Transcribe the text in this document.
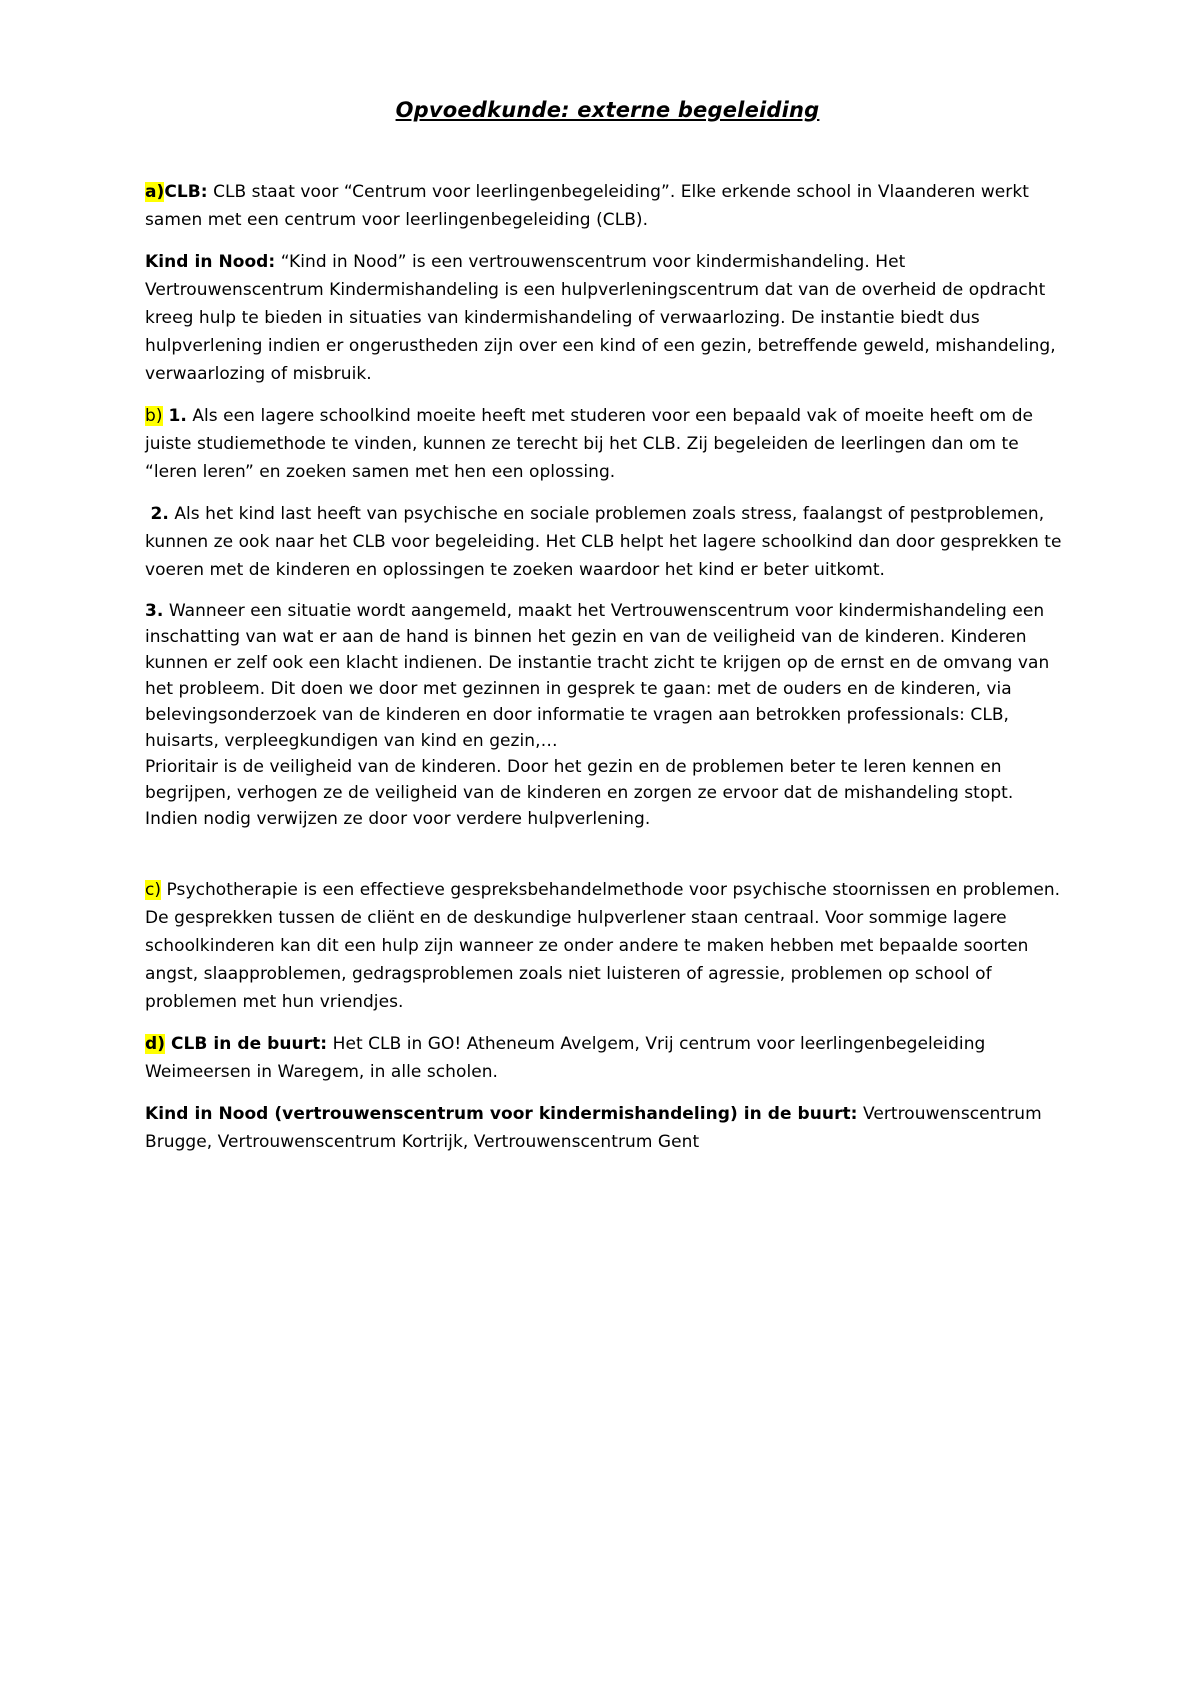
Opvoedkunde: externe begeleiding

a)CLB: CLB staat voor “Centrum voor leerlingenbegeleiding”. Elke erkende school in Vlaanderen werkt samen met een centrum voor leerlingenbegeleiding (CLB).

Kind in Nood: “Kind in Nood” is een vertrouwenscentrum voor kindermishandeling. Het Vertrouwenscentrum Kindermishandeling is een hulpverleningscentrum dat van de overheid de opdracht kreeg hulp te bieden in situaties van kindermishandeling of verwaarlozing. De instantie biedt dus hulpverlening indien er ongerustheden zijn over een kind of een gezin, betreffende geweld, mishandeling, verwaarlozing of misbruik.

b) 1. Als een lagere schoolkind moeite heeft met studeren voor een bepaald vak of moeite heeft om de juiste studiemethode te vinden, kunnen ze terecht bij het CLB. Zij begeleiden de leerlingen dan om te “leren leren” en zoeken samen met hen een oplossing.

2. Als het kind last heeft van psychische en sociale problemen zoals stress, faalangst of pestproblemen, kunnen ze ook naar het CLB voor begeleiding. Het CLB helpt het lagere schoolkind dan door gesprekken te voeren met de kinderen en oplossingen te zoeken waardoor het kind er beter uitkomt.

3. Wanneer een situatie wordt aangemeld, maakt het Vertrouwenscentrum voor kindermishandeling een inschatting van wat er aan de hand is binnen het gezin en van de veiligheid van de kinderen. Kinderen kunnen er zelf ook een klacht indienen. De instantie tracht zicht te krijgen op de ernst en de omvang van het probleem. Dit doen we door met gezinnen in gesprek te gaan: met de ouders en de kinderen, via belevingsonderzoek van de kinderen en door informatie te vragen aan betrokken professionals: CLB, huisarts, verpleegkundigen van kind en gezin,…

Prioritair is de veiligheid van de kinderen. Door het gezin en de problemen beter te leren kennen en begrijpen, verhogen ze de veiligheid van de kinderen en zorgen ze ervoor dat de mishandeling stopt. Indien nodig verwijzen ze door voor verdere hulpverlening.

c) Psychotherapie is een effectieve gespreksbehandelmethode voor psychische stoornissen en problemen. De gesprekken tussen de cliënt en de deskundige hulpverlener staan centraal. Voor sommige lagere schoolkinderen kan dit een hulp zijn wanneer ze onder andere te maken hebben met bepaalde soorten angst, slaapproblemen, gedragsproblemen zoals niet luisteren of agressie, problemen op school of problemen met hun vriendjes.

d) CLB in de buurt: Het CLB in GO! Atheneum Avelgem, Vrij centrum voor leerlingenbegeleiding Weimeersen in Waregem, in alle scholen.

Kind in Nood (vertrouwenscentrum voor kindermishandeling) in de buurt: Vertrouwenscentrum Brugge, Vertrouwenscentrum Kortrijk, Vertrouwenscentrum Gent
